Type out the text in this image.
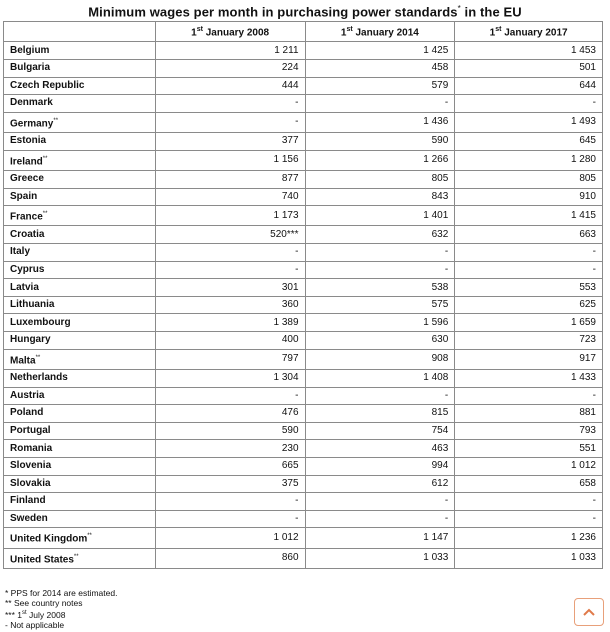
Minimum wages per month in purchasing power standards* in the EU
	1st January 2008	1st January 2014	1st January 2017
Belgium	1 211	1 425	1 453
Bulgaria	224	458	501
Czech Republic	444	579	644
Denmark	-	-	-
Germany**	-	1 436	1 493
Estonia	377	590	645
Ireland**	1 156	1 266	1 280
Greece	877	805	805
Spain	740	843	910
France**	1 173	1 401	1 415
Croatia	520***	632	663
Italy	-	-	-
Cyprus	-	-	-
Latvia	301	538	553
Lithuania	360	575	625
Luxembourg	1 389	1 596	1 659
Hungary	400	630	723
Malta**	797	908	917
Netherlands	1 304	1 408	1 433
Austria	-	-	-
Poland	476	815	881
Portugal	590	754	793
Romania	230	463	551
Slovenia	665	994	1 012
Slovakia	375	612	658
Finland	-	-	-
Sweden	-	-	-
United Kingdom**	1 012	1 147	1 236
United States**	860	1 033	1 033
* PPS for 2014 are estimated.
** See country notes
*** 1st July 2008
- Not applicable
